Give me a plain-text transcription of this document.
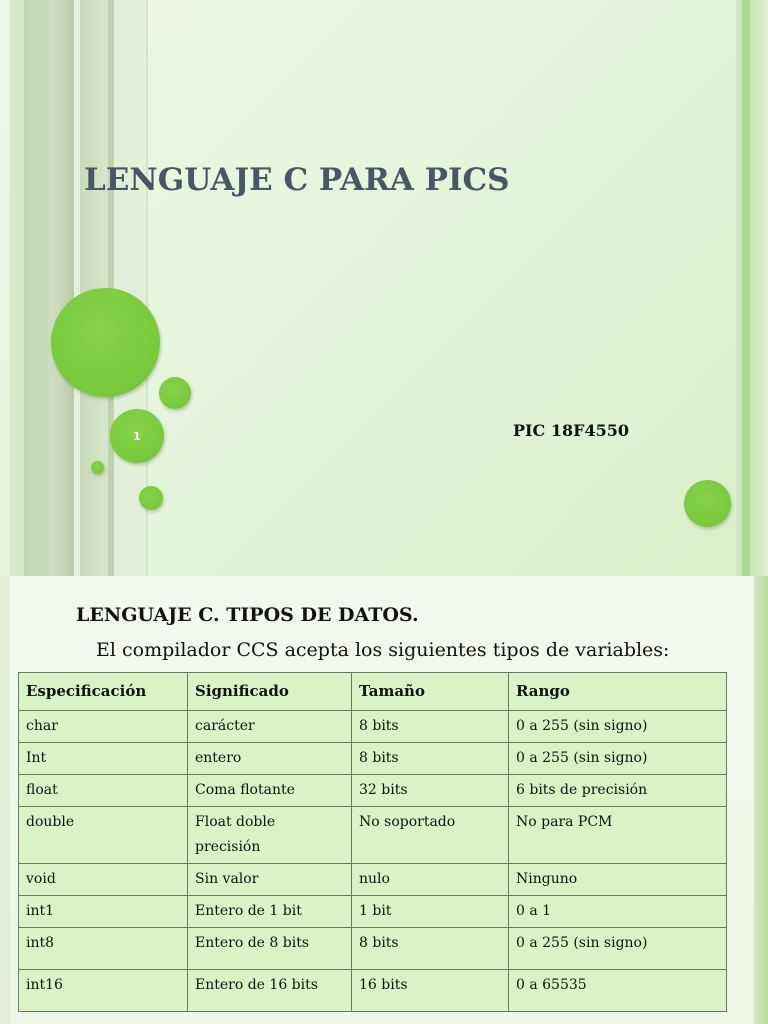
1
LENGUAJE C PARA PICS
PIC 18F4550
LENGUAJE C. TIPOS DE DATOS.
El compilador CCS acepta los siguientes tipos de variables:
Especificación	Significado	Tamaño	Rango
char	carácter	8 bits	0 a 255 (sin signo)
Int	entero	8 bits	0 a 255 (sin signo)
float	Coma flotante	32 bits	6 bits de precisión
double	Float doble precisión	No soportado	No para PCM
void	Sin valor	nulo	Ninguno
int1	Entero de 1 bit	1 bit	0 a 1
int8	Entero de 8 bits	8 bits	0 a 255 (sin signo)
int16	Entero de 16 bits	16 bits	0 a 65535
